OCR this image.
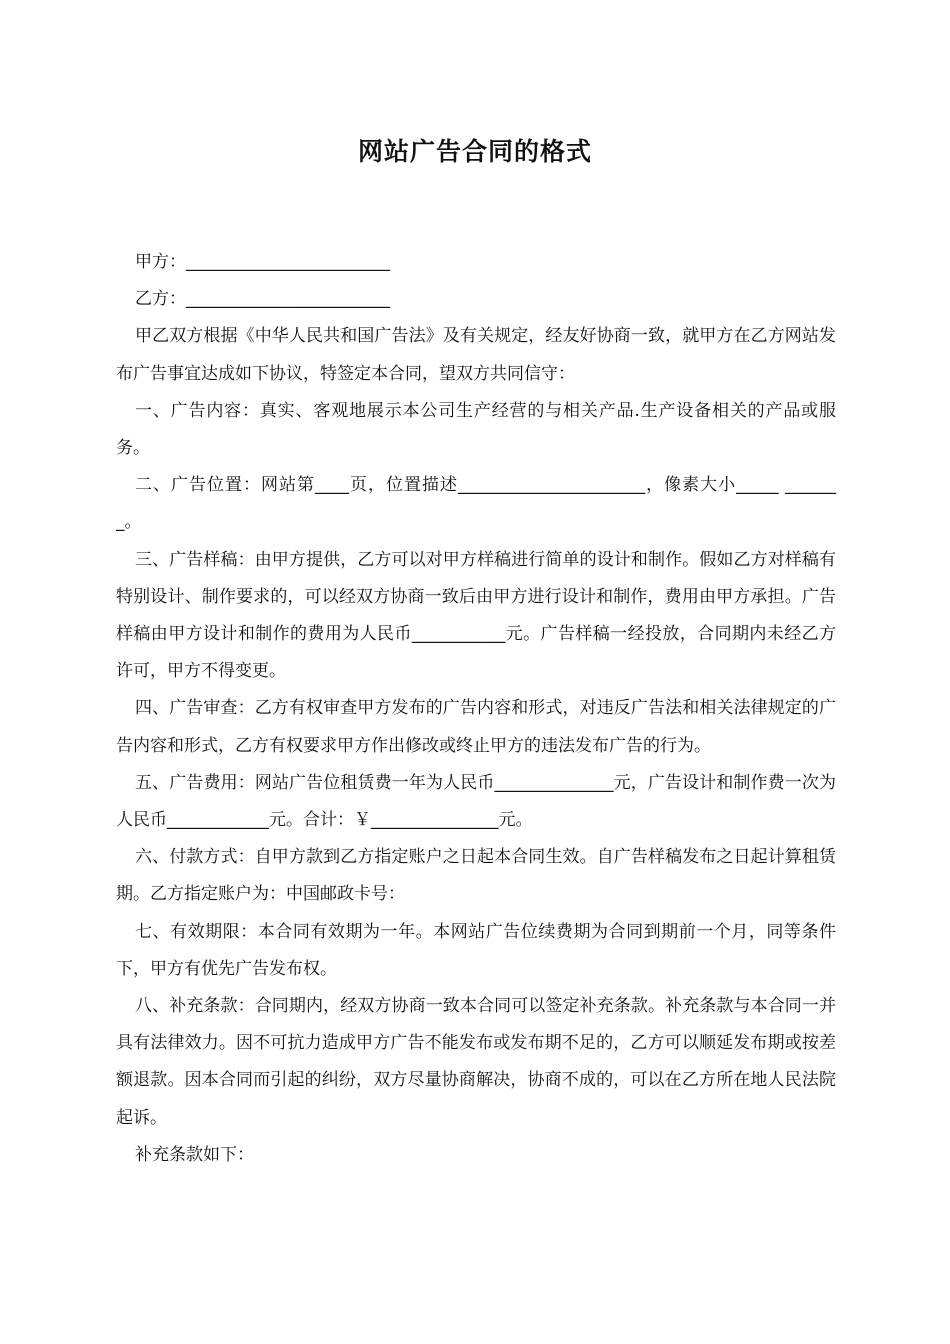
网站广告合同的格式

甲方：________________________

乙方：________________________

甲乙双方根据《中华人民共和国广告法》及有关规定，经友好协商一致，就甲方在乙方网站发布广告事宜达成如下协议，特签定本合同，望双方共同信守：

一、广告内容：真实、客观地展示本公司生产经营的与相关产品.生产设备相关的产品或服务。

二、广告位置：网站第____页，位置描述______________________，像素大小_____ _______。

三、广告样稿：由甲方提供，乙方可以对甲方样稿进行简单的设计和制作。假如乙方对样稿有特别设计、制作要求的，可以经双方协商一致后由甲方进行设计和制作，费用由甲方承担。广告样稿由甲方设计和制作的费用为人民币___________元。广告样稿一经投放，合同期内未经乙方许可，甲方不得变更。

四、广告审查：乙方有权审查甲方发布的广告内容和形式，对违反广告法和相关法律规定的广告内容和形式，乙方有权要求甲方作出修改或终止甲方的违法发布广告的行为。

五、广告费用：网站广告位租赁费一年为人民币______________元，广告设计和制作费一次为人民币____________元。合计：￥_______________元。

六、付款方式：自甲方款到乙方指定账户之日起本合同生效。自广告样稿发布之日起计算租赁期。乙方指定账户为：中国邮政卡号：

七、有效期限：本合同有效期为一年。本网站广告位续费期为合同到期前一个月，同等条件下，甲方有优先广告发布权。

八、补充条款：合同期内，经双方协商一致本合同可以签定补充条款。补充条款与本合同一并具有法律效力。因不可抗力造成甲方广告不能发布或发布期不足的，乙方可以顺延发布期或按差额退款。因本合同而引起的纠纷，双方尽量协商解决，协商不成的，可以在乙方所在地人民法院起诉。

补充条款如下：
